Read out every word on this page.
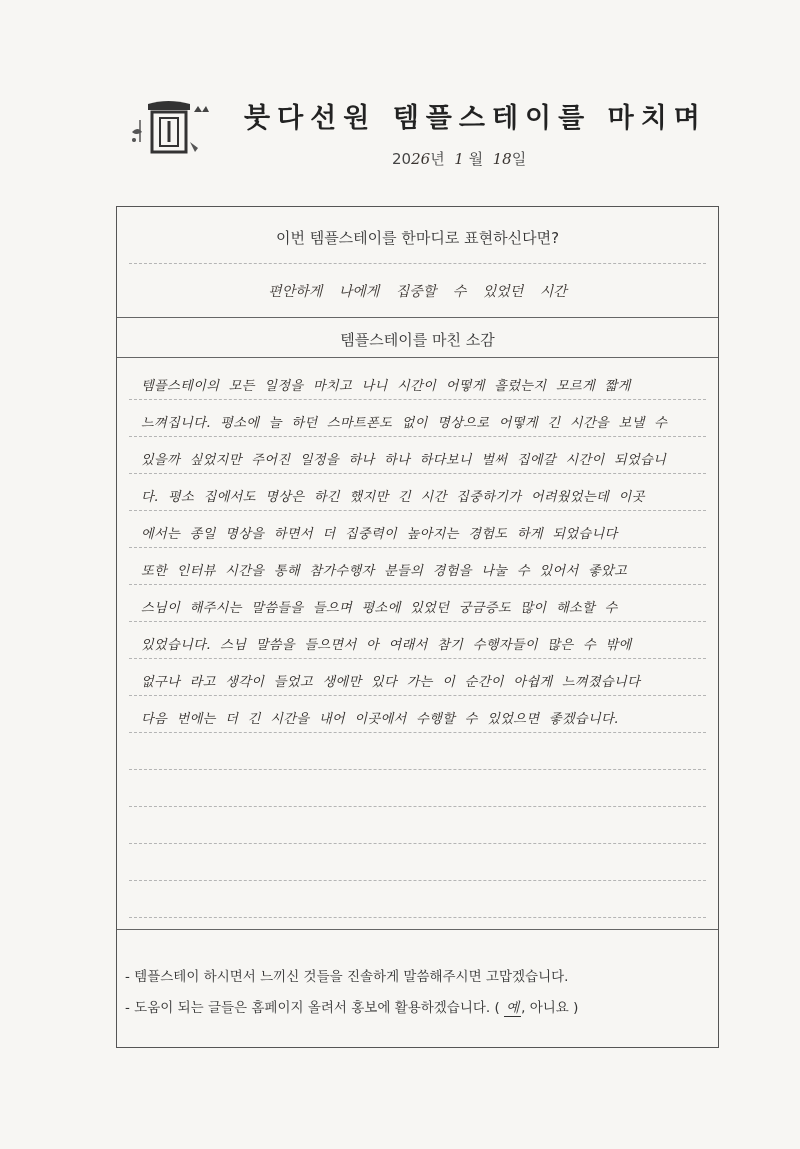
붓다선원 템플스테이를 마치며
2026년 1 월 18일
이번 템플스테이를 한마디로 표현하신다면?
편안하게 나에게 집중할 수 있었던 시간
템플스테이를 마친 소감
템플스테이의 모든 일정을 마치고 나니 시간이 어떻게 흘렀는지 모르게 짧게
느껴집니다. 평소에 늘 하던 스마트폰도 없이 명상으로 어떻게 긴 시간을 보낼 수
있을까 싶었지만 주어진 일정을 하나 하나 하다보니 벌써 집에갈 시간이 되었습니
다. 평소 집에서도 명상은 하긴 했지만 긴 시간 집중하기가 어려웠었는데 이곳
에서는 종일 명상을 하면서 더 집중력이 높아지는 경험도 하게 되었습니다
또한 인터뷰 시간을 통해 참가수행자 분들의 경험을 나눌 수 있어서 좋았고
스님이 해주시는 말씀들을 들으며 평소에 있었던 궁금증도 많이 해소할 수
있었습니다. 스님 말씀을 들으면서 아 여래서 참기 수행자들이 많은 수 밖에
없구나 라고 생각이 들었고 생에만 있다 가는 이 순간이 아쉽게 느껴졌습니다
다음 번에는 더 긴 시간을 내어 이곳에서 수행할 수 있었으면 좋겠습니다.
- 템플스테이 하시면서 느끼신 것들을 진솔하게 말씀해주시면 고맙겠습니다.
- 도움이 되는 글들은 홈페이지 올려서 홍보에 활용하겠습니다. ( 예 , 아니요 )
